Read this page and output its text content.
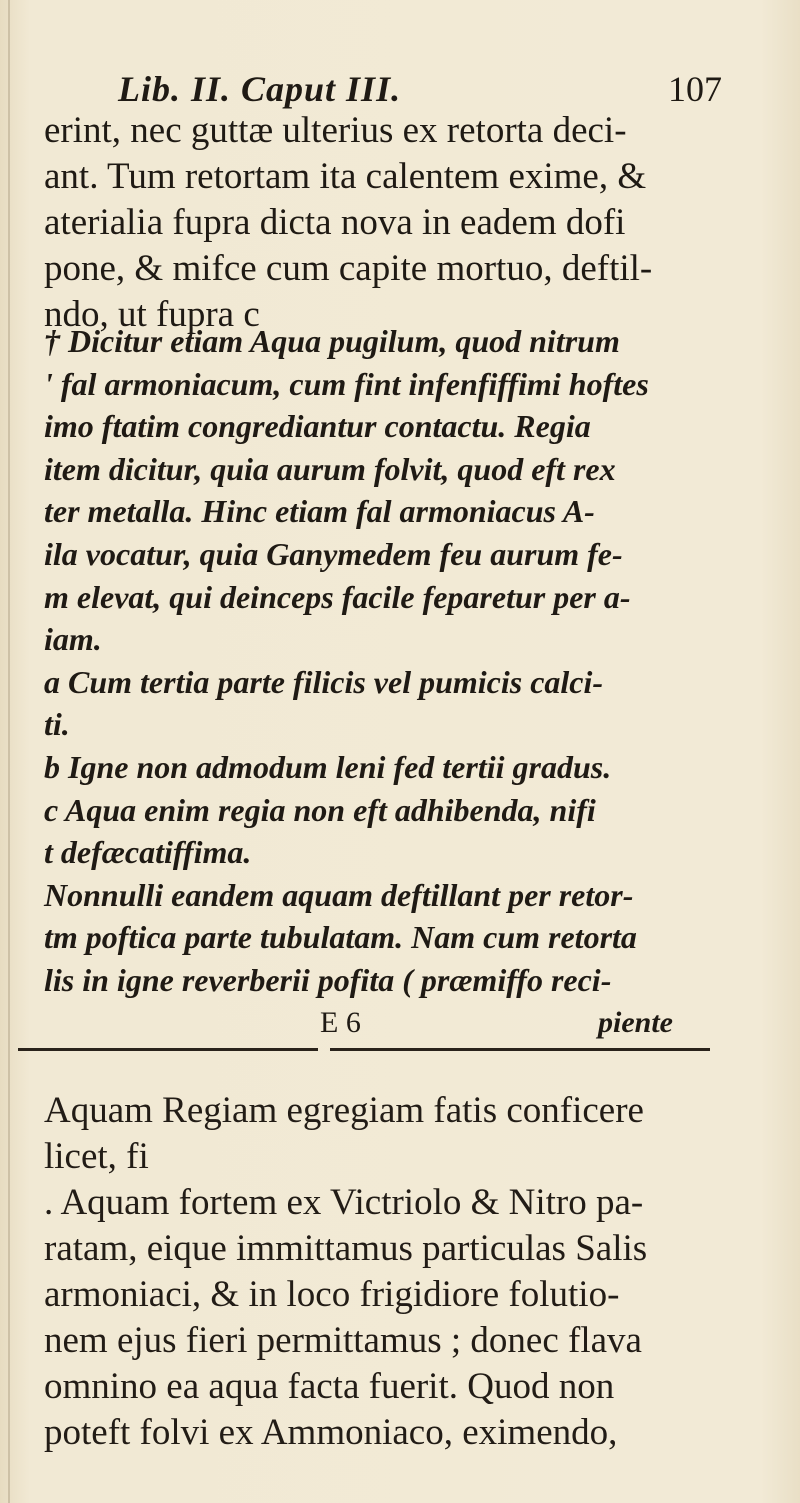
Lib. II. Caput III.	107
erint, nec guttæ ulterius ex retorta deci-
ant. Tum retortam ita calentem exime, &
aterialia fupra dicta nova in eadem dofi
pone, & mifce cum capite mortuo, deftil-
ndo, ut fupra c
† Dicitur etiam Aqua pugilum, quod nitrum
' fal armoniacum, cum fint infenfiffimi hoftes
imo ftatim congrediantur contactu. Regia
item dicitur, quia aurum folvit, quod eft rex
ter metalla. Hinc etiam fal armoniacus A-
ila vocatur, quia Ganymedem feu aurum fe-
m elevat, qui deinceps facile feparetur per a-
iam.
a Cum tertia parte filicis vel pumicis calci-
ti.
b Igne non admodum leni fed tertii gradus.
c Aqua enim regia non eft adhibenda, nifi
t defæcatiffima.
Nonnulli eandem aquam deftillant per retor-
tm poftica parte tubulatam. Nam cum retorta
lis in igne reverberii pofita ( præmiffo reci-
E 6	piente
Aquam Regiam egregiam fatis conficere
licet, fi
. Aquam fortem ex Victriolo & Nitro pa-
ratam, eique immittamus particulas Salis
armoniaci, & in loco frigidiore folutio-
nem ejus fieri permittamus ; donec flava
omnino ea aqua facta fuerit. Quod non
poteft folvi ex Ammoniaco, eximendo,
